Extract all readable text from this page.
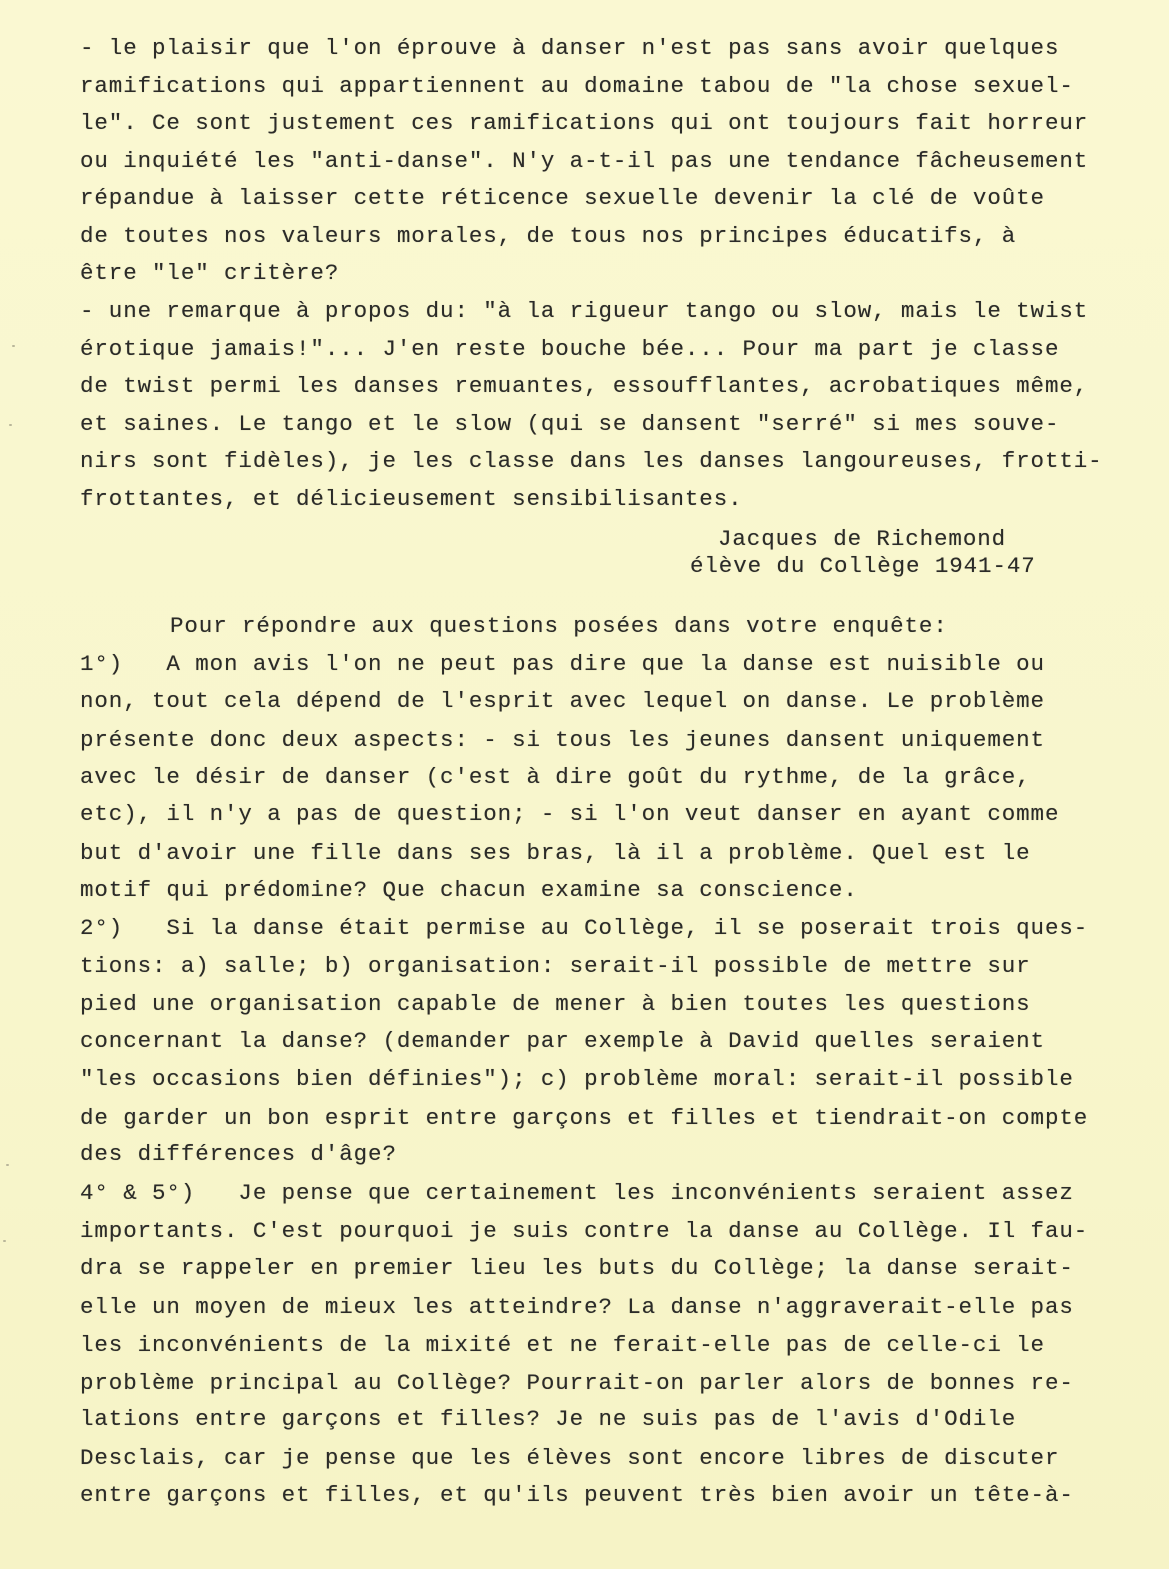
- le plaisir que l'on éprouve à danser n'est pas sans avoir quelques
ramifications qui appartiennent au domaine tabou de "la chose sexuel-
le". Ce sont justement ces ramifications qui ont toujours fait horreur
ou inquiété les "anti-danse". N'y a-t-il pas une tendance fâcheusement
répandue à laisser cette réticence sexuelle devenir la clé de voûte
de toutes nos valeurs morales, de tous nos principes éducatifs, à
être "le" critère?
- une remarque à propos du: "à la rigueur tango ou slow, mais le twist
érotique jamais!"... J'en reste bouche bée... Pour ma part je classe
de twist permi les danses remuantes, essoufflantes, acrobatiques même,
et saines. Le tango et le slow (qui se dansent "serré" si mes souve-
nirs sont fidèles), je les classe dans les danses langoureuses, frotti-
frottantes, et délicieusement sensibilisantes.
Jacques de Richemond
élève du Collège 1941-47
Pour répondre aux questions posées dans votre enquête:
1°)   A mon avis l'on ne peut pas dire que la danse est nuisible ou
non, tout cela dépend de l'esprit avec lequel on danse. Le problème
présente donc deux aspects: - si tous les jeunes dansent uniquement
avec le désir de danser (c'est à dire goût du rythme, de la grâce,
etc), il n'y a pas de question; - si l'on veut danser en ayant comme
but d'avoir une fille dans ses bras, là il a problème. Quel est le
motif qui prédomine? Que chacun examine sa conscience.
2°)   Si la danse était permise au Collège, il se poserait trois ques-
tions: a) salle; b) organisation: serait-il possible de mettre sur
pied une organisation capable de mener à bien toutes les questions
concernant la danse? (demander par exemple à David quelles seraient
"les occasions bien définies"); c) problème moral: serait-il possible
de garder un bon esprit entre garçons et filles et tiendrait-on compte
des différences d'âge?
4° & 5°)   Je pense que certainement les inconvénients seraient assez
importants. C'est pourquoi je suis contre la danse au Collège. Il fau-
dra se rappeler en premier lieu les buts du Collège; la danse serait-
elle un moyen de mieux les atteindre? La danse n'aggraverait-elle pas
les inconvénients de la mixité et ne ferait-elle pas de celle-ci le
problème principal au Collège? Pourrait-on parler alors de bonnes re-
lations entre garçons et filles? Je ne suis pas de l'avis d'Odile
Desclais, car je pense que les élèves sont encore libres de discuter
entre garçons et filles, et qu'ils peuvent très bien avoir un tête-à-
